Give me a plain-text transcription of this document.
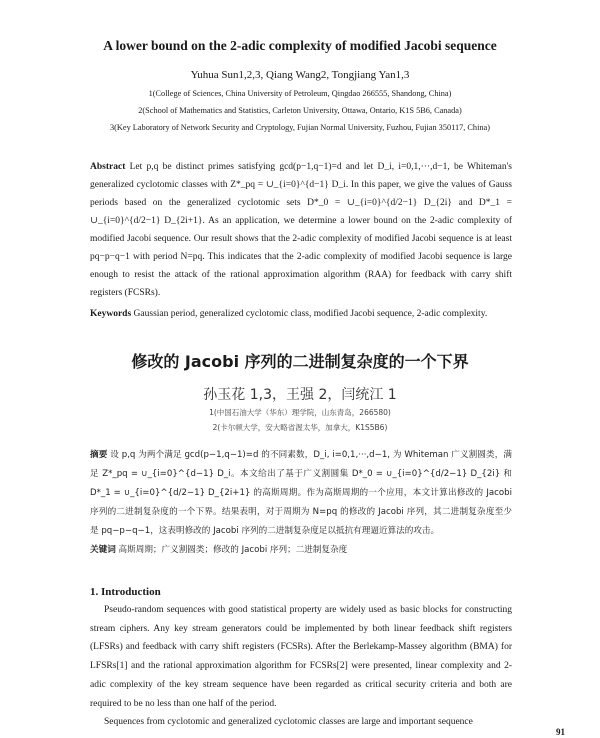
A lower bound on the 2-adic complexity of modified Jacobi sequence
Yuhua Sun1,2,3, Qiang Wang2, Tongjiang Yan1,3
1(College of Sciences, China University of Petroleum, Qingdao 266555, Shandong, China)
2(School of Mathematics and Statistics, Carleton University, Ottawa, Ontario, K1S 5B6, Canada)
3(Key Laboratory of Network Security and Cryptology, Fujian Normal University, Fuzhou, Fujian 350117, China)
Abstract Let p,q be distinct primes satisfying gcd(p−1,q−1)=d and let D_i, i=0,1,···,d−1, be Whiteman's generalized cyclotomic classes with Z*_pq = ∪_{i=0}^{d−1} D_i. In this paper, we give the values of Gauss periods based on the generalized cyclotomic sets D*_0 = ∪_{i=0}^{d/2−1} D_{2i} and D*_1 = ∪_{i=0}^{d/2−1} D_{2i+1}. As an application, we determine a lower bound on the 2-adic complexity of modified Jacobi sequence. Our result shows that the 2-adic complexity of modified Jacobi sequence is at least pq−p−q−1 with period N=pq. This indicates that the 2-adic complexity of modified Jacobi sequence is large enough to resist the attack of the rational approximation algorithm (RAA) for feedback with carry shift registers (FCSRs).
Keywords Gaussian period, generalized cyclotomic class, modified Jacobi sequence, 2-adic complexity.
修改的 Jacobi 序列的二进制复杂度的一个下界
孙玉花 1,3，王强 2，闫统江 1
1(中国石油大学（华东）理学院，山东青岛，266580)
2(卡尔顿大学，安大略省渥太华，加拿大，K1S5B6)
摘要 设 p,q 为两个满足 gcd(p−1,q−1)=d 的不同素数，D_i, i=0,1,···,d−1, 为 Whiteman 广义割圆类，满足 Z*_pq = ∪_{i=0}^{d−1} D_i。本文给出了基于广义割圆集 D*_0 = ∪_{i=0}^{d/2−1} D_{2i} 和 D*_1 = ∪_{i=0}^{d/2−1} D_{2i+1} 的高斯周期。作为高斯周期的一个应用，本文计算出修改的 Jacobi 序列的二进制复杂度的一个下界。结果表明，对于周期为 N=pq 的修改的 Jacobi 序列，其二进制复杂度至少是 pq−p−q−1，这表明修改的 Jacobi 序列的二进制复杂度足以抵抗有理逼近算法的攻击。
关键词 高斯周期；广义割圆类；修改的 Jacobi 序列；二进制复杂度
1. Introduction

Pseudo-random sequences with good statistical property are widely used as basic blocks for constructing stream ciphers. Any key stream generators could be implemented by both linear feedback shift registers (LFSRs) and feedback with carry shift registers (FCSRs). After the Berlekamp-Massey algorithm (BMA) for LFSRs[1] and the rational approximation algorithm for FCSRs[2] were presented, linear complexity and 2-adic complexity of the key stream sequence have been regarded as critical security criteria and both are required to be no less than one half of the period.

Sequences from cyclotomic and generalized cyclotomic classes are large and important sequence

91
